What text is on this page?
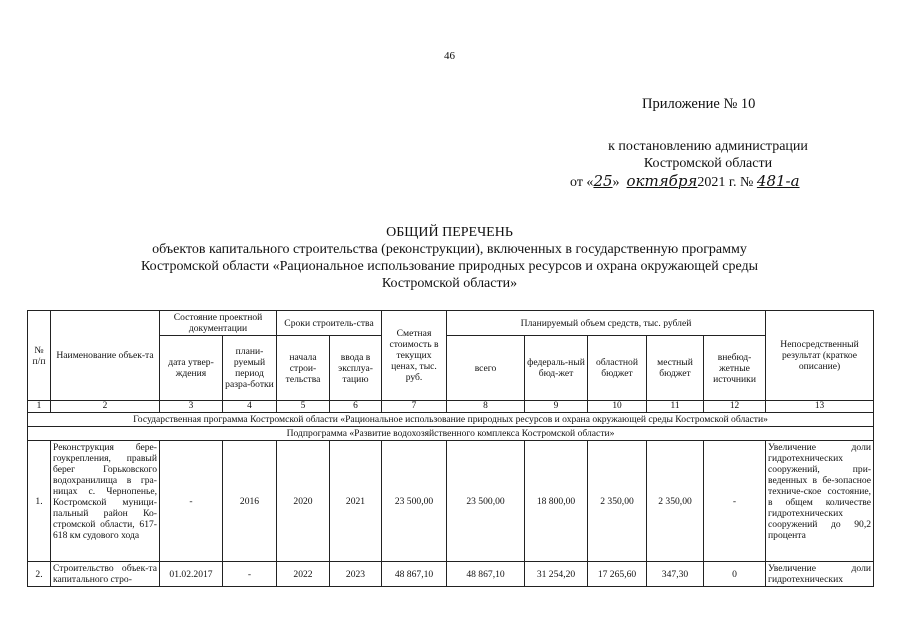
46
Приложение № 10
к постановлению администрации
Костромской области
от «25» октября2021 г. № 481-а
ОБЩИЙ ПЕРЕЧЕНЬ
объектов капитального строительства (реконструкции), включенных в государственную программу
Костромской области «Рациональное использование природных ресурсов и охрана окружающей среды
Костромской области»
№ п/п	Наименование объек-та	Состояние проектной документации		Сроки строитель-ства		Сметная стоимость в текущих ценах, тыс. руб.	Планируемый объем средств, тыс. рублей					Непосредственный результат (краткое описание)
		дата утвер-ждения	плани-руемый период разра-ботки	начала строи-тельства	ввода в эксплуа-тацию		всего	федераль-ный бюд-жет	областной бюджет	местный бюджет	внебюд-жетные источники	
1	2	3	4	5	6	7	8	9	10	11	12	13
Государственная программа Костромской области «Рациональное использование природных ресурсов и охрана окружающей среды Костромской области»												
Подпрограмма «Развитие водохозяйственного комплекса Костромской области»												
1.	Реконструкция бере-гоукрепления, правый берег Горьковского водохранилища в гра-ницах с. Чернопенье, Костромской муници-пальный район Ко-стромской области, 617-618 км судового хода	-	2016	2020	2021	23 500,00	23 500,00	18 800,00	2 350,00	2 350,00	-	Увеличение доли гидротехнических сооружений, при-веденных в бе-зопасное техниче-ское состояние, в общем количестве гидротехнических сооружений до 90,2 процента
2.	Строительство объек-та капитального стро-	01.02.2017	-	2022	2023	48 867,10	48 867,10	31 254,20	17 265,60	347,30	0	Увеличение доли гидротехнических
